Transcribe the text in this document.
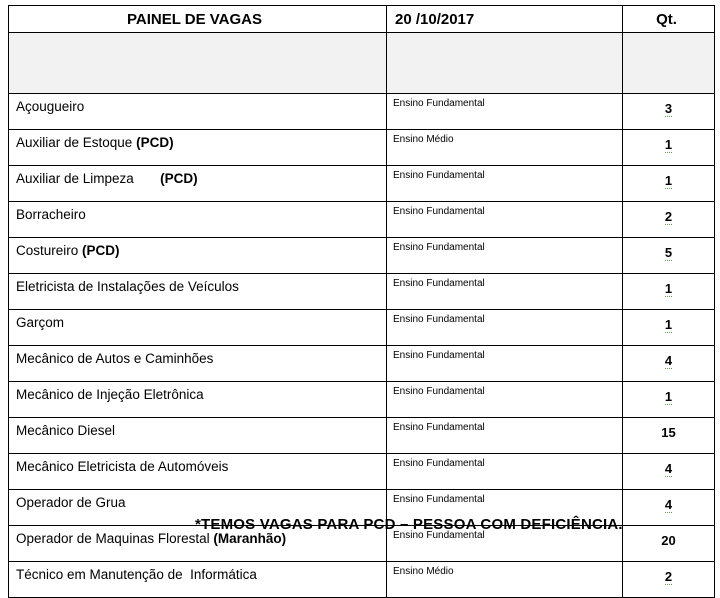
PAINEL DE VAGAS	20 /10/2017	Qt.

Açougueiro	Ensino Fundamental	3
Auxiliar de Estoque (PCD)	Ensino Médio	1
Auxiliar de Limpeza       (PCD)	Ensino Fundamental	1
Borracheiro	Ensino Fundamental	2
Costureiro (PCD)	Ensino Fundamental	5
Eletricista de Instalações de Veículos	Ensino Fundamental	1
Garçom	Ensino Fundamental	1
Mecânico de Autos e Caminhões	Ensino Fundamental	4
Mecânico de Injeção Eletrônica	Ensino Fundamental	1
Mecânico Diesel	Ensino Fundamental	15
Mecânico Eletricista de Automóveis	Ensino Fundamental	4
Operador de Grua	Ensino Fundamental	4
Operador de Maquinas Florestal (Maranhão)	Ensino Fundamental	20
Técnico em Manutenção de  Informática	Ensino Médio	2
*TEMOS VAGAS PARA PCD – PESSOA COM DEFICIÊNCIA.
